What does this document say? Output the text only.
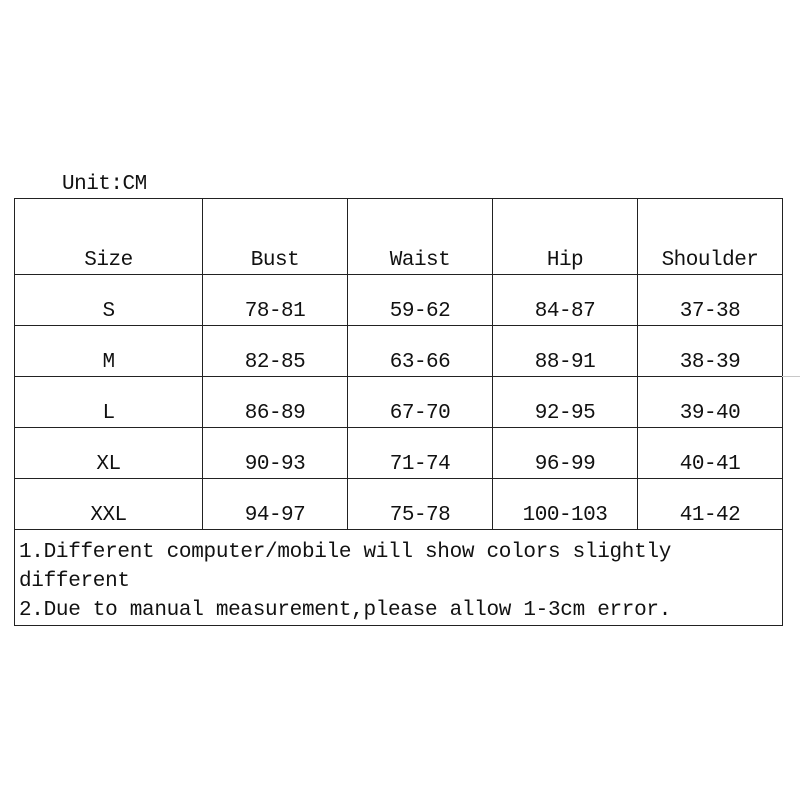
Unit:CM
Size	Bust	Waist	Hip	Shoulder
S	78-81	59-62	84-87	37-38
M	82-85	63-66	88-91	38-39
L	86-89	67-70	92-95	39-40
XL	90-93	71-74	96-99	40-41
XXL	94-97	75-78	100-103	41-42

1.Different computer/mobile will show colors slightly different
2.Due to manual measurement,please allow 1-3cm error.				
